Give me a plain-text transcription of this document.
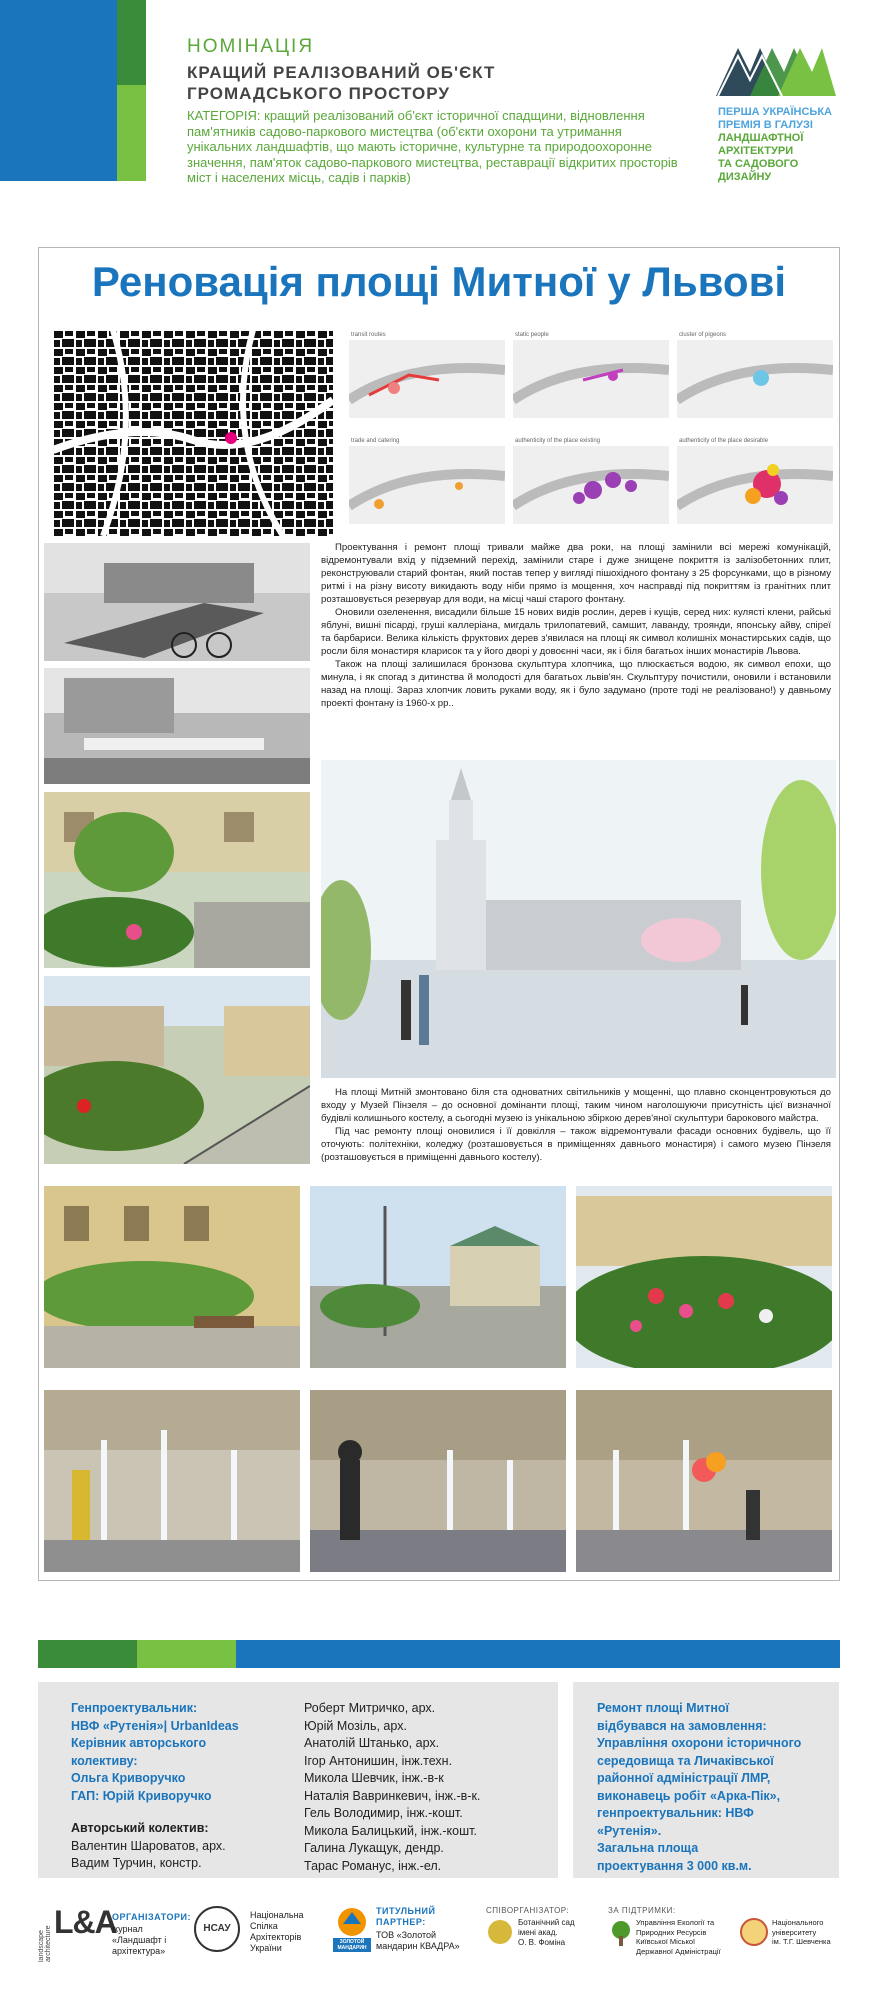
НОМІНАЦІЯ
КРАЩИЙ РЕАЛІЗОВАНИЙ ОБ'ЄКТ
ГРОМАДСЬКОГО ПРОСТОРУ
КАТЕГОРІЯ: кращий реалізований об'єкт історичної спадщини, відновлення пам'ятників садово-паркового мистецтва (об'єкти охорони та утримання унікальних ландшафтів, що мають історичне, культурне та природоохоронне значення, пам'яток садово-паркового мистецтва, реставрації відкритих просторів міст і населених місць, садів і парків)
ПЕРША УКРАЇНСЬКА
ПРЕМІЯ В ГАЛУЗІ
ЛАНДШАФТНОЇ
АРХІТЕКТУРИ
ТА САДОВОГО
ДИЗАЙНУ
Реновація площі Митної у Львові
transit routes	static people	cluster of pigeons
trade and catering	authenticity of the place existing	authenticity of the place desirable

Проектування і ремонт площі тривали майже два роки, на площі замінили всі мережі комунікацій, відремонтували вхід у підземний перехід, замінили старе і дуже знищене покриття із залізобетонних плит, реконструювали старий фонтан, який постав тепер у вигляді пішохідного фонтану з 25 форсунками, що в різному ритмі і на різну висоту викидають воду ніби прямо із мощення, хоч насправді під покриттям із гранітних плит розташовується резервуар для води, на місці чаші старого фонтану.

Оновили озеленення, висадили більше 15 нових видів рослин, дерев і кущів, серед них: кулясті клени, райські яблуні, вишні пісарді, груші каллеріана, мигдаль трилопатевий, самшит, лаванду, троянди, японську айву, спіреї та барбариси. Велика кількість фруктових дерев з'явилася на площі як символ колишніх монастирських садів, що росли біля монастиря кларисок та у його дворі у довоєнні часи, як і біля багатьох інших монастирів Львова.

Також на площі залишилася бронзова скульптура хлопчика, що плюскається водою, як символ епохи, що минула, і як спогад з дитинства й молодості для багатьох львів'ян. Скульптуру почистили, оновили і встановили назад на площі. Зараз хлопчик ловить руками воду, як і було задумано (проте тоді не реалізовано!) у давньому проекті фонтану із 1960-х рр..

На площі Митній змонтовано біля ста одноватних світильників у мощенні, що плавно сконцентровуються до входу у Музей Пінзеля – до основної домінанти площі, таким чином наголошуючи присутність цієї визначної будівлі колишнього костелу, а сьогодні музею із унікальною збіркою дерев'яної скульптури барокового майстра.

Під час ремонту площі оновилися і її довкілля – також відремонтували фасади основних будівель, що її оточують: політехніки, коледжу (розташовується в приміщеннях давнього монастиря) і самого музею Пінзеля (розташовується в приміщенні давнього костелу).

Генпроектувальник:
НВФ «Рутенія»| UrbanIdeas
Керівник авторського
колективу:
Ольга Криворучко
ГАП: Юрій Криворучко
Авторський колектив:
Валентин Шароватов, арх.
Вадим Турчин, констр.
Роберт Митричко, арх.
Юрій Мозіль, арх.
Анатолій Штанько, арх.
Ігор Антонишин, інж.техн.
Микола Шевчик, інж.-в-к
Наталія Вавринкевич, інж.-в-к.
Гель Володимир, інж.-кошт.
Микола Балицький, інж.-кошт.
Галина Лукащук, дендр.
Тарас Романус, інж.-ел.
Ремонт площі Митної
відбувався на замовлення:
Управління охорони історичного
середовища та Личаківської
районної адміністрації ЛМР,
виконавець робіт «Арка-Пік»,
генпроектувальник: НВФ
«Рутенія».
Загальна площа
проектування 3 000 кв.м.
landscape architecture
L&A
ОРГАНІЗАТОРИ:
журнал
«Ландшафт і
архітектура»
НСАУ
Національна
Спілка
Архітекторів
України
ЗОЛОТОЙ
МАНДАРИН
ТИТУЛЬНИЙ
ПАРТНЕР:
ТОВ «Золотой
мандарин КВАДРА»
СПІВОРГАНІЗАТОР:
Ботанічний сад
імені акад.
О. В. Фоміна
ЗА ПІДТРИМКИ:
Управління Екології та
Природних Ресурсів
Київської Міської
Державної Адміністрації
Національного
університету
ім. Т.Г. Шевченка
